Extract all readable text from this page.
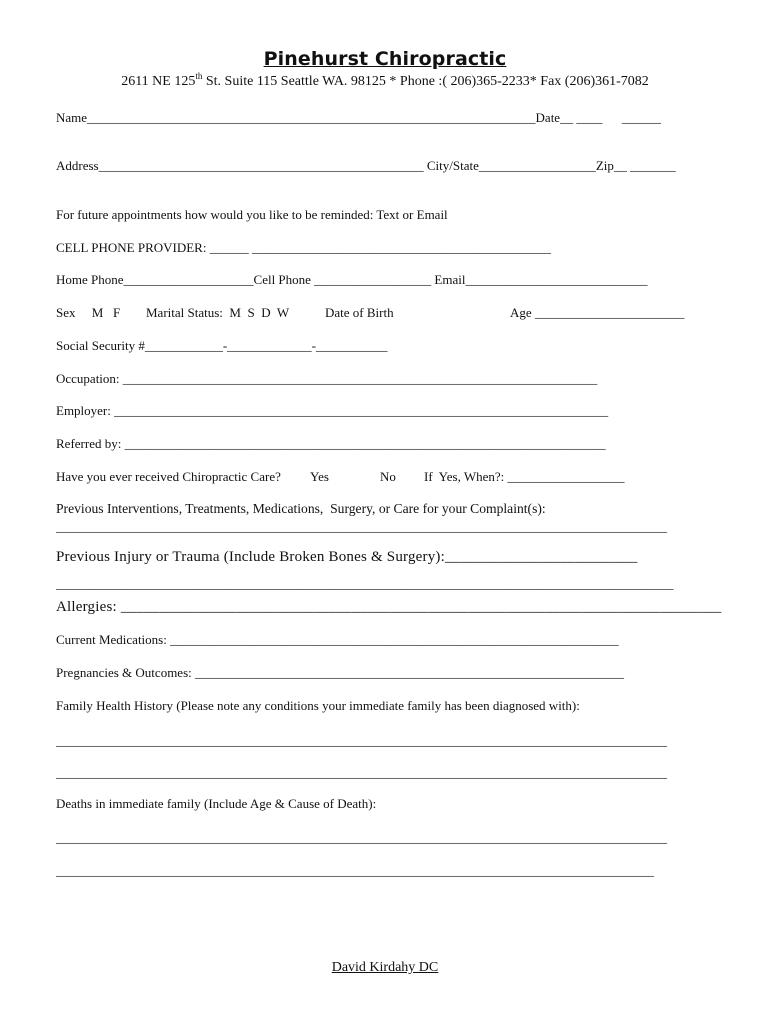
Pinehurst Chiropractic
2611 NE 125th St. Suite 115 Seattle WA. 98125 * Phone :( 206)365-2233* Fax (206)361-7082
Name_____________________________________________________________________Date__ ____      ______
Address__________________________________________________ City/State__________________Zip__ _______
For future appointments how would you like to be reminded: Text or Email
CELL PHONE PROVIDER: ______ ______________________________________________
Home Phone____________________Cell Phone __________________ Email____________________________
Sex     M   F Marital Status:  M  S  D  W	Date of Birth	Age _______________________
Social Security #____________-_____________-___________
Occupation: _________________________________________________________________________
Employer: ____________________________________________________________________________
Referred by: __________________________________________________________________________
Have you ever received Chiropractic Care? Yes	No If  Yes, When?: __________________
Previous Interventions, Treatments, Medications,  Surgery, or Care for your Complaint(s):
______________________________________________________________________________________________
Previous Injury or Trauma (Include Broken Bones & Surgery):_________________________
_______________________________________________________________________________________________
Allergies: ______________________________________________________________________________
Current Medications: _____________________________________________________________________
Pregnancies & Outcomes: __________________________________________________________________
Family Health History (Please note any conditions your immediate family has been diagnosed with):
______________________________________________________________________________________________
______________________________________________________________________________________________
Deaths in immediate family (Include Age & Cause of Death):
______________________________________________________________________________________________
____________________________________________________________________________________________
David Kirdahy DC
